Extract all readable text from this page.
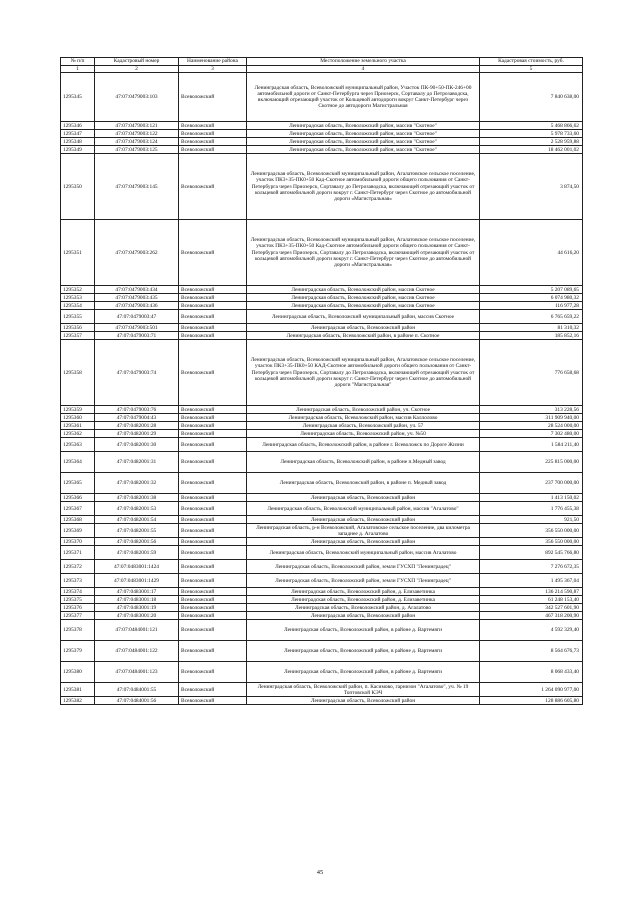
№ п/п	Кадастровый номер	Наименование района	Местоположение земельного участка	Кадастровая стоимость, руб.
1	2	3	4	5
1295345	47:07:0479003:103	Всеволожский	Ленинградская область, Всеволожский муниципальный район, Участок ПК-90+50-ПК-246+00 автомобильной дороги от Санкт-Петербурга через Приозерск, Сортавалу до Петрозаводска, включающий отрезающий участок от Кольцевой автодороги вокруг Санкт-Петербург через Скотное до автодороги Магистральная	7 840 638,00
1295346	47:07:0479003:121	Всеволожский	Ленинградская область, Всеволожский район, массив "Скотное"	5 468 866,62
1295347	47:07:0479003:122	Всеволожский	Ленинградская область, Всеволожский район, массив "Скотное"	5 978 733,60
1295348	47:07:0479003:124	Всеволожский	Ленинградская область, Всеволожский район, массив "Скотное"	2 528 959,88
1295349	47:07:0479003:125	Всеволожский	Ленинградская область, Всеволожский район, массив "Скотное"	18 462 001,02
1295350	47:07:0479003:145	Всеволожский	Ленинградская область, Всеволожский муниципальный район, Агалатовское сельское поселение, участок ПК3+35-ПК0+50 Кад-Скотное автомобильной дороги общего пользования от Санкт-Петербурга через Приозерск, Сортавалу до Петрозаводска, включающей отрезающий участок от кольцевой автомобильной дороги вокруг г. Санкт-Петербург через Скотное до автомобильной дороги «Магистральная»	3 874,50
1295351	47:07:0479003:262	Всеволожский	Ленинградская область, Всеволожский муниципальный район, Агалатовское сельское поселение, участок ПК3+35-ПК0+50 Кад-Скотное автомобильной дороги общего пользования от Санкт-Петербурга через Приозерск, Сортавалу до Петрозаводска, включающей отрезающий участок от кольцевой автомобильной дороги вокруг г. Санкт-Петербург через Скотное до автомобильной дороги «Магистральная»	44 616,20
1295352	47:07:0479003:434	Всеволожский	Ленинградская область, Всеволожский район, массив Скотное	5 207 089,65
1295353	47:07:0479003:435	Всеволожский	Ленинградская область, Всеволожский район, массив Скотное	6 074 980,32
1295354	47:07:0479003:436	Всеволожский	Ленинградская область, Всеволожский район, массив Скотное	116 977,28
1295355	47:07:0479003:47	Всеволожский	Ленинградская область, Всеволожский муниципальный район, массив Скотное	6 765 659,22
1295356	47:07:0479003:501	Всеволожский	Ленинградская область, Всеволожский район	81 310,32
1295357	47:07:0479003:71	Всеволожский	Ленинградская область, Всеволожский район, в районе п. Скотное	185 852,16
1295358	47:07:0479003:74	Всеволожский	Ленинградская область, Всеволожский муниципальный район, Агалатовское сельское поселение, участок ПК3+35-ПК0+50 КАД-Скотное автомобильной дороги общего пользования от Санкт-Петербурга через Приозерск, Сортавалу до Петрозаводска, включающей отрезающий участок от кольцевой автомобильной дороги вокруг г. Санкт-Петербург через Скотное до автомобильной дороги "Магистральная"	776 658,68
1295359	47:07:0479003:76	Всеволожский	Ленинградская область, Всеволожский район, уч. Скотное	313 228,56
1295360	47:07:0479004:43	Всеволожский	Ленинградская область, Всеволожский район, массив Каллолово	311 909 940,00
1295361	47:07:0482001:28	Всеволожский	Ленинградская область, Всеволожский район, уч. 57	28 524 000,00
1295362	47:07:0482001:29	Всеволожский	Ленинградская область, Всеволожский район, уч. №50	7 302 480,00
1295363	47:07:0482001:30	Всеволожский	Ленинградская область, Всеволожский район, в районе г. Всеволожск по Дороге Жизни	1 584 211,40
1295364	47:07:0482001:31	Всеволожский	Ленинградская область, Всеволожский район, в районе п.Медный завод	225 815 000,00
1295365	47:07:0482001:32	Всеволожский	Ленинградская область, Всеволожский район, в районе п. Медный завод	237 700 000,00
1295366	47:07:0482001:38	Всеволожский	Ленинградская область, Всеволожский район	1 413 150,02
1295367	47:07:0482001:53	Всеволожский	Ленинградская область, Всеволожский муниципальный район, массив "Агалатово"	1 776 455,38
1295368	47:07:0482001:54	Всеволожский	Ленинградская область, Всеволожский район	921,50
1295369	47:07:0482001:55	Всеволожский	Ленинградская область, р-н Всеволожский, Агалатовское сельское поселение, два километра западнее д. Агалатово	356 550 000,00
1295370	47:07:0482001:56	Всеволожский	Ленинградская область, Всеволожский район	356 550 000,00
1295371	47:07:0482001:59	Всеволожский	Ленинградская область, Всеволожский муниципальный район, массив Агалатово	892 545 766,80
1295372	47:07:0483001:1424	Всеволожский	Ленинградская область, Всеволожский район, земли ГУСХП "Ленинградец"	7 276 672,35
1295373	47:07:0483001:1429	Всеволожский	Ленинградская область, Всеволожский район, земли ГУСХП "Ленинградец"	1 495 367,04
1295374	47:07:0483001:17	Всеволожский	Ленинградская область, Всеволожский район, д. Елизаветинка	136 214 590,87
1295375	47:07:0483001:18	Всеволожский	Ленинградская область, Всеволожский район, д. Елизаветинка	61 248 153,40
1295376	47:07:0483001:19	Всеволожский	Ленинградская область, Всеволожский район, д. Агалатово	342 527 601,90
1295377	47:07:0483001:20	Всеволожский	Ленинградская область, Всеволожский район	467 318 200,90
1295378	47:07:0484001:121	Всеволожский	Ленинградская область, Всеволожский район, в районе д. Вартемяги	4 592 329,40
1295379	47:07:0484001:122	Всеволожский	Ленинградская область, Всеволожский район, в районе д. Вартемяги	8 564 676,73
1295380	47:07:0484001:123	Всеволожский	Ленинградская область, Всеволожский район, в районе д. Вартемяги	8 068 433,40
1295381	47:07:0484001:55	Всеволожский	Ленинградская область, Всеволожский район, п. Касимово, гарнизон "Агалатово", уч. № 19 Топтовской КЭЧ	1 264 090 977,00
1295382	47:07:0484001:56	Всеволожский	Ленинградская область, Всеволожский район	128 886 605,80
45
